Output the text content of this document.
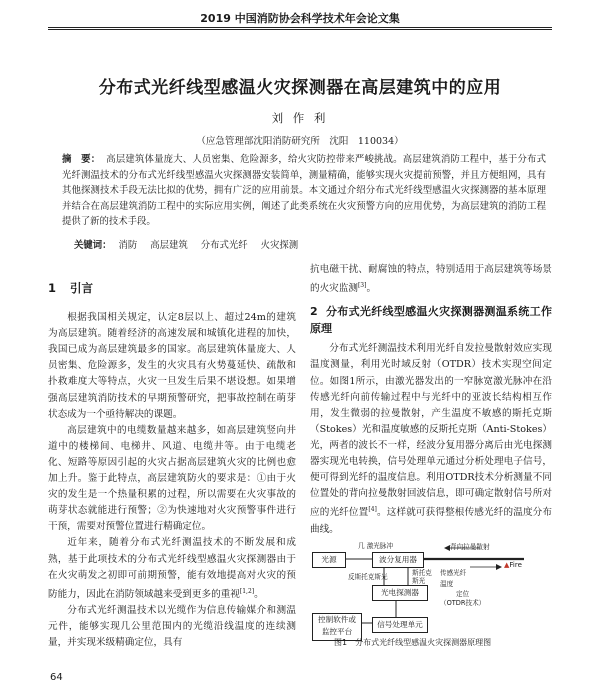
2019 中国消防协会科学技术年会论文集
分布式光纤线型感温火灾探测器在高层建筑中的应用
刘 作 利
（应急管理部沈阳消防研究所　沈阳　110034）
摘　要： 高层建筑体量庞大、人员密集、危险源多，给火灾防控带来严峻挑战。高层建筑消防工程中，基于分布式光纤测温技术的分布式光纤线型感温火灾探测器安装简单，测量精确，能够实现火灾提前预警，并且方便组网，具有其他探测技术手段无法比拟的优势，拥有广泛的应用前景。本文通过介绍分布式光纤线型感温火灾探测器的基本原理并结合在高层建筑消防工程中的实际应用实例，阐述了此类系统在火灾预警方向的应用优势，为高层建筑的消防工程提供了新的技术手段。
关键词： 消防 高层建筑 分布式光纤 火灾探测
1 引言

根据我国相关规定，认定8层以上、超过24m的建筑为高层建筑。随着经济的高速发展和城镇化进程的加快，我国已成为高层建筑最多的国家。高层建筑体量庞大、人员密集、危险源多，发生的火灾具有火势蔓延快、疏散和扑救难度大等特点，火灾一旦发生后果不堪设想。如果增强高层建筑消防技术的早期预警研究，把事故控制在萌芽状态成为一个亟待解决的课题。

高层建筑中的电缆数量越来越多，如高层建筑竖向井道中的楼梯间、电梯井、风道、电缆井等。由于电缆老化、短路等原因引起的火灾占据高层建筑火灾的比例也愈加上升。鉴于此特点，高层建筑防火的要求是：①由于火灾的发生是一个热量积累的过程，所以需要在火灾事故的萌芽状态就能进行预警；②为快速地对火灾预警事件进行干预，需要对预警位置进行精确定位。

近年来，随着分布式光纤测温技术的不断发展和成熟，基于此项技术的分布式光纤线型感温火灾探测器由于在火灾萌发之初即可前期预警，能有效地提高对火灾的预防能力，因此在消防领域越来受到更多的重视[1,2]。

分布式光纤测温技术以光缆作为信息传输媒介和测温元件，能够实现几公里范围内的光缆沿线温度的连续测量，并实现米级精确定位，具有

抗电磁干扰、耐腐蚀的特点，特别适用于高层建筑等场景的火灾监测[3]。

2 分布式光纤线型感温火灾探测器测温系统工作原理

分布式光纤测温技术利用光纤自发拉曼散射效应实现温度测量，利用光时域反射（OTDR）技术实现空间定位。如图1所示，由激光器发出的一窄脉宽激光脉冲在沿传感光纤向前传输过程中与光纤中的亚波长结构相互作用，发生微弱的拉曼散射，产生温度不敏感的斯托克斯（Stokes）光和温度敏感的反斯托克斯（Anti-Stokes）光，两者的波长不一样，经波分复用器分离后由光电探测器实现光电转换，信号处理单元通过分析处理电子信号，便可得到光纤的温度信息。利用OTDR技术分析测量不同位置处的背向拉曼散射回波信息，即可确定散射信号所对应的光纤位置[4]。这样就可获得整根传感光纤的温度分布曲线。

几 激光脉冲	背向拉曼散射
光源	波分复用器
反斯托克斯光	斯托克斯光
光电探测器
传感光纤
▲Fire
温度
定位
（OTDR技术）
控制软件或
监控平台
信号处理单元
图1　分布式光纤线型感温火灾探测器原理图
64
